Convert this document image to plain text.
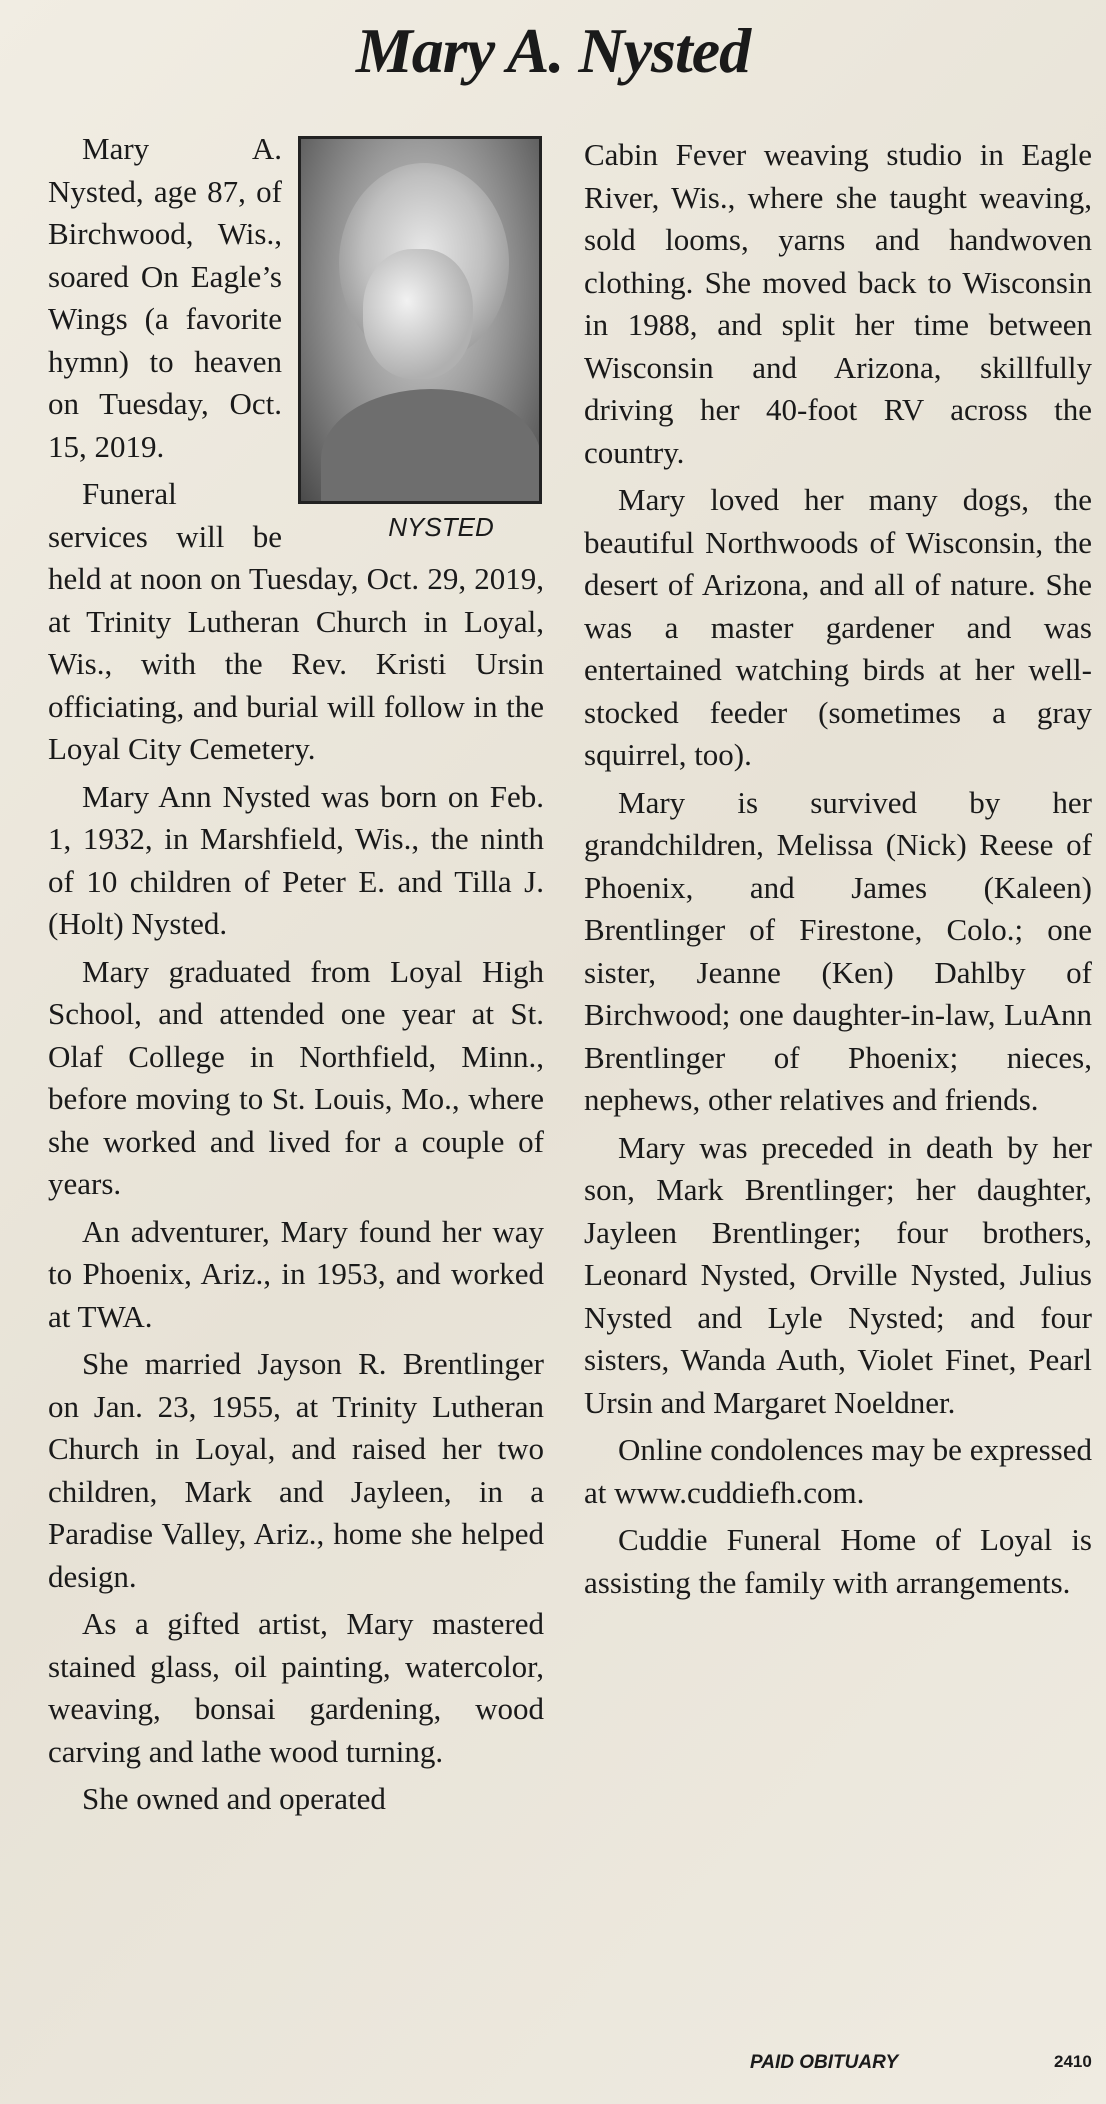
Mary A. Nysted
NYSTED

Mary A. Nysted, age 87, of Birchwood, Wis., soared On Eagle’s Wings (a favorite hymn) to heaven on Tuesday, Oct. 15, 2019.

Funeral services will be held at noon on Tuesday, Oct. 29, 2019, at Trinity Lutheran Church in Loyal, Wis., with the Rev. Kristi Ursin officiating, and burial will follow in the Loyal City Cemetery.

Mary Ann Nysted was born on Feb. 1, 1932, in Marshfield, Wis., the ninth of 10 children of Peter E. and Tilla J. (Holt) Nysted.

Mary graduated from Loyal High School, and attended one year at St. Olaf College in Northfield, Minn., before moving to St. Louis, Mo., where she worked and lived for a couple of years.

An adventurer, Mary found her way to Phoenix, Ariz., in 1953, and worked at TWA.

She married Jayson R. Brentlinger on Jan. 23, 1955, at Trinity Lutheran Church in Loyal, and raised her two children, Mark and Jayleen, in a Paradise Valley, Ariz., home she helped design.

As a gifted artist, Mary mastered stained glass, oil painting, watercolor, weaving, bonsai gardening, wood carving and lathe wood turning.

She owned and operated

Cabin Fever weaving studio in Eagle River, Wis., where she taught weaving, sold looms, yarns and handwoven clothing. She moved back to Wisconsin in 1988, and split her time between Wisconsin and Arizona, skillfully driving her 40-foot RV across the country.

Mary loved her many dogs, the beautiful Northwoods of Wisconsin, the desert of Arizona, and all of nature. She was a master gardener and was entertained watching birds at her well-stocked feeder (sometimes a gray squirrel, too).

Mary is survived by her grandchildren, Melissa (Nick) Reese of Phoenix, and James (Kaleen) Brentlinger of Firestone, Colo.; one sister, Jeanne (Ken) Dahlby of Birchwood; one daughter-in-law, LuAnn Brentlinger of Phoenix; nieces, nephews, other relatives and friends.

Mary was preceded in death by her son, Mark Brentlinger; her daughter, Jayleen Brentlinger; four brothers, Leonard Nysted, Orville Nysted, Julius Nysted and Lyle Nysted; and four sisters, Wanda Auth, Violet Finet, Pearl Ursin and Margaret Noeldner.

Online condolences may be expressed at www.cuddiefh.com.

Cuddie Funeral Home of Loyal is assisting the family with arrangements.

PAID OBITUARY	2410
